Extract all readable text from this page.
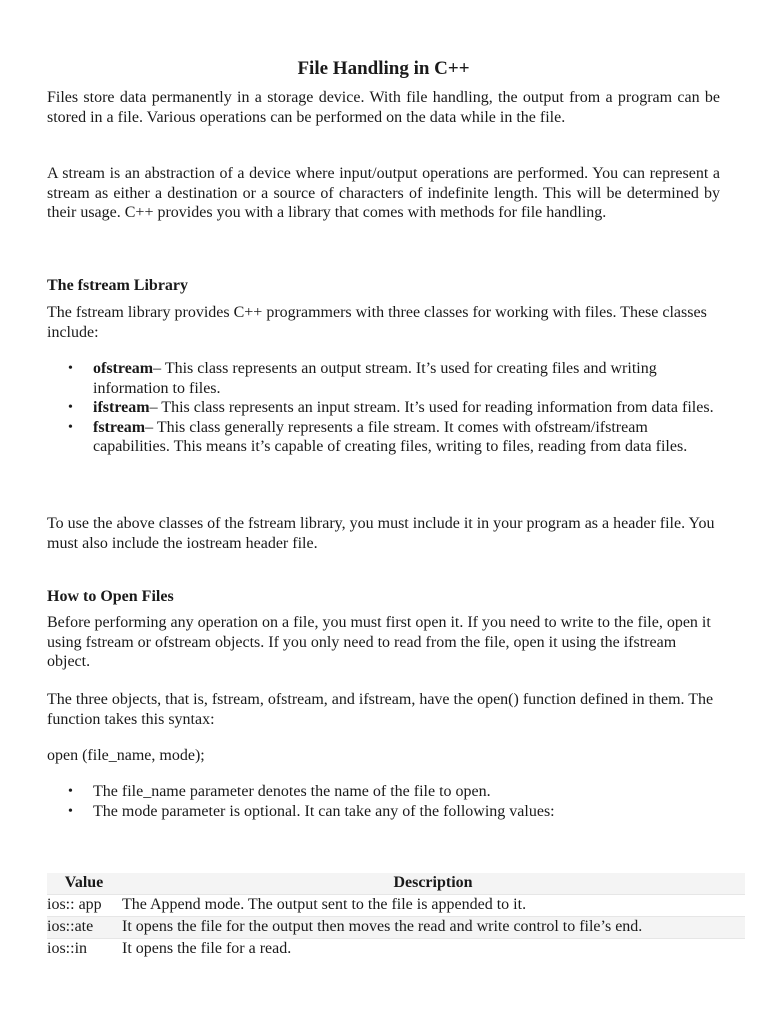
File Handling in C++

Files store data permanently in a storage device. With file handling, the output from a program can be stored in a file. Various operations can be performed on the data while in the file.

A stream is an abstraction of a device where input/output operations are performed. You can represent a stream as either a destination or a source of characters of indefinite length. This will be determined by their usage. C++ provides you with a library that comes with methods for file handling.

The fstream Library

The fstream library provides C++ programmers with three classes for working with files. These classes include:

• ofstream– This class represents an output stream. It’s used for creating files and writing information to files.
• ifstream– This class represents an input stream. It’s used for reading information from data files.
• fstream– This class generally represents a file stream. It comes with ofstream/ifstream capabilities. This means it’s capable of creating files, writing to files, reading from data files.

To use the above classes of the fstream library, you must include it in your program as a header file. You must also include the iostream header file.

How to Open Files

Before performing any operation on a file, you must first open it. If you need to write to the file, open it using fstream or ofstream objects. If you only need to read from the file, open it using the ifstream object.

The three objects, that is, fstream, ofstream, and ifstream, have the open() function defined in them. The function takes this syntax:

open (file_name, mode);

• The file_name parameter denotes the name of the file to open.
• The mode parameter is optional. It can take any of the following values:
Value	Description
ios:: app	The Append mode. The output sent to the file is appended to it.
ios::ate	It opens the file for the output then moves the read and write control to file’s end.
ios::in	It opens the file for a read.
